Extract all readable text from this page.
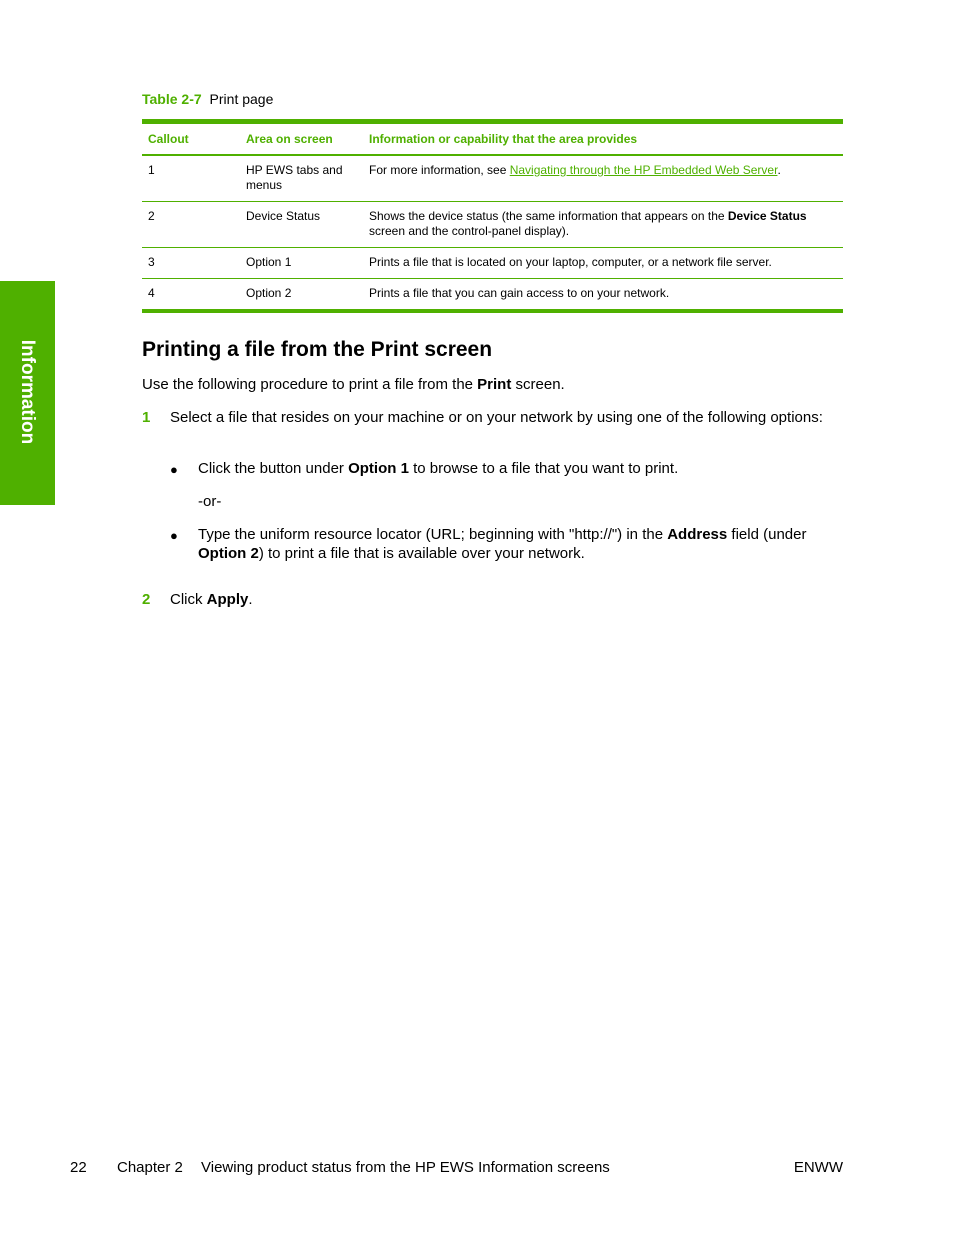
Information
Table 2-7 Print page
Callout	Area on screen	Information or capability that the area provides
1	HP EWS tabs and menus	For more information, see Navigating through the HP Embedded Web Server.
2	Device Status	Shows the device status (the same information that appears on the Device Status screen and the control-panel display).
3	Option 1	Prints a file that is located on your laptop, computer, or a network file server.
4	Option 2	Prints a file that you can gain access to on your network.
Printing a file from the Print screen

Use the following procedure to print a file from the Print screen.

1 Select a file that resides on your machine or on your network by using one of the following options:

● Click the button under Option 1 to browse to a file that you want to print.

-or-

● Type the uniform resource locator (URL; beginning with "http://") in the Address field (under Option 2) to print a file that is available over your network.

2 Click Apply.

22 Chapter 2 Viewing product status from the HP EWS Information screens	ENWW
